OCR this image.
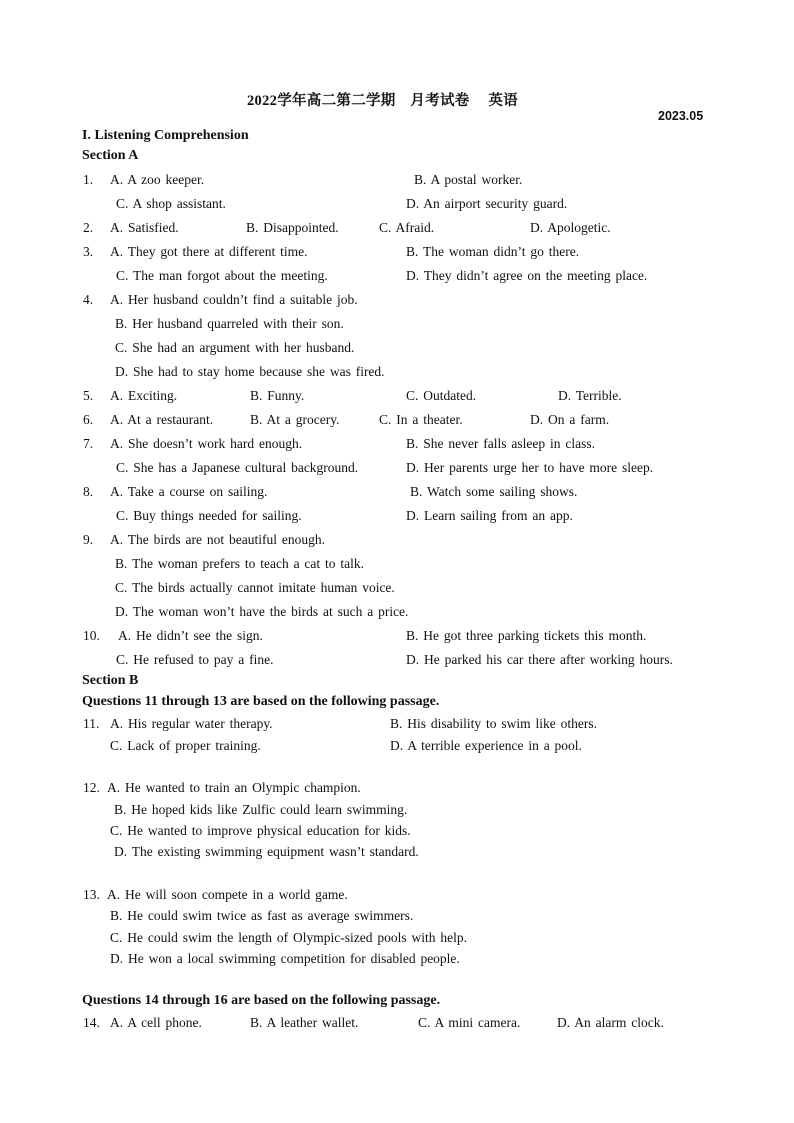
2022学年高二第二学期　月考试卷　 英语
2023.05
I. Listening Comprehension
Section A
1. A. A zoo keeper.	B. A postal worker.
C. A shop assistant.	D. An airport security guard.
2. A. Satisfied.	B. Disappointed.	C. Afraid.	D. Apologetic.
3. A. They got there at different time.	B. The woman didn’t go there.
C. The man forgot about the meeting.	D. They didn’t agree on the meeting place.
4. A. Her husband couldn’t find a suitable job.
B. Her husband quarreled with their son.
C. She had an argument with her husband.
D. She had to stay home because she was fired.
5. A. Exciting.	B. Funny.	C. Outdated.	D. Terrible.
6. A. At a restaurant.	B. At a grocery.	C. In a theater.	D. On a farm.
7. A. She doesn’t work hard enough.	B. She never falls asleep in class.
C. She has a Japanese cultural background.	D. Her parents urge her to have more sleep.
8. A. Take a course on sailing.	B. Watch some sailing shows.
C. Buy things needed for sailing.	D. Learn sailing from an app.
9. A. The birds are not beautiful enough.
B. The woman prefers to teach a cat to talk.
C. The birds actually cannot imitate human voice.
D. The woman won’t have the birds at such a price.
10. A. He didn’t see the sign.	B. He got three parking tickets this month.
C. He refused to pay a fine.	D. He parked his car there after working hours.
Section B
Questions 11 through 13 are based on the following passage.
11. A. His regular water therapy.	B. His disability to swim like others.
C. Lack of proper training.	D. A terrible experience in a pool.
12. A. He wanted to train an Olympic champion.
B. He hoped kids like Zulfic could learn swimming.
C. He wanted to improve physical education for kids.
D. The existing swimming equipment wasn’t standard.
13. A. He will soon compete in a world game.
B. He could swim twice as fast as average swimmers.
C. He could swim the length of Olympic-sized pools with help.
D. He won a local swimming competition for disabled people.
Questions 14 through 16 are based on the following passage.
14. A. A cell phone.	B. A leather wallet.	C. A mini camera.	D. An alarm clock.
